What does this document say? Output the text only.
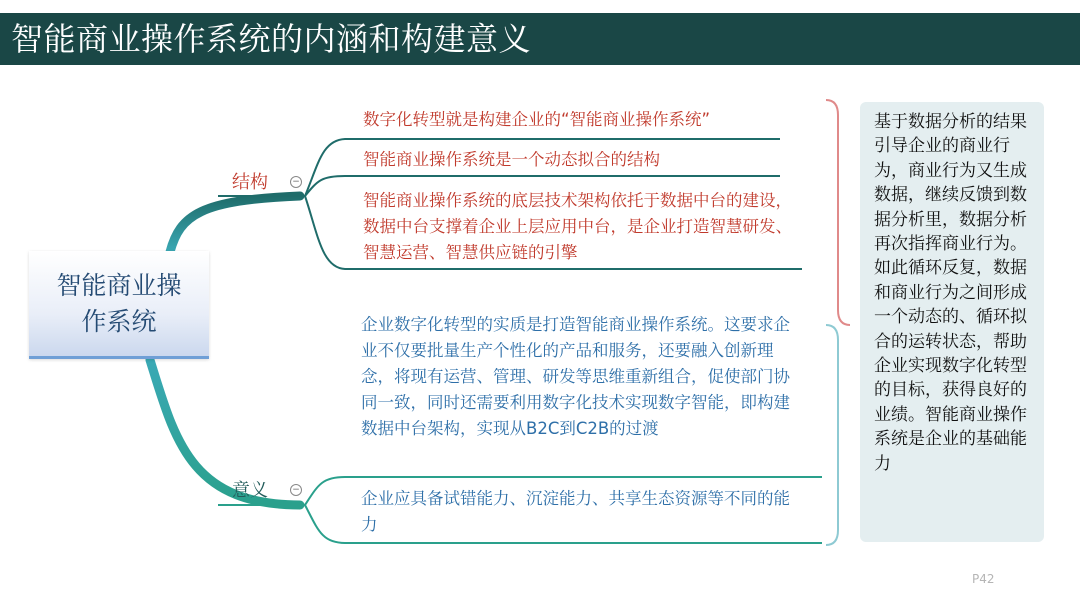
智能商业操作系统的内涵和构建意义
智能商业操作系统
结构	−
意义	−
数字化转型就是构建企业的“智能商业操作系统”
智能商业操作系统是一个动态拟合的结构
智能商业操作系统的底层技术架构依托于数据中台的建设，数据中台支撑着企业上层应用中台，是企业打造智慧研发、智慧运营、智慧供应链的引擎
企业数字化转型的实质是打造智能商业操作系统。这要求企业不仅要批量生产个性化的产品和服务，还要融入创新理念，将现有运营、管理、研发等思维重新组合，促使部门协同一致，同时还需要利用数字化技术实现数字智能，即构建数据中台架构，实现从B2C到C2B的过渡
企业应具备试错能力、沉淀能力、共享生态资源等不同的能力
基于数据分析的结果引导企业的商业行为，商业行为又生成数据，继续反馈到数据分析里，数据分析再次指挥商业行为。如此循环反复，数据和商业行为之间形成一个动态的、循环拟合的运转状态，帮助企业实现数字化转型的目标，获得良好的业绩。智能商业操作系统是企业的基础能力
P42
